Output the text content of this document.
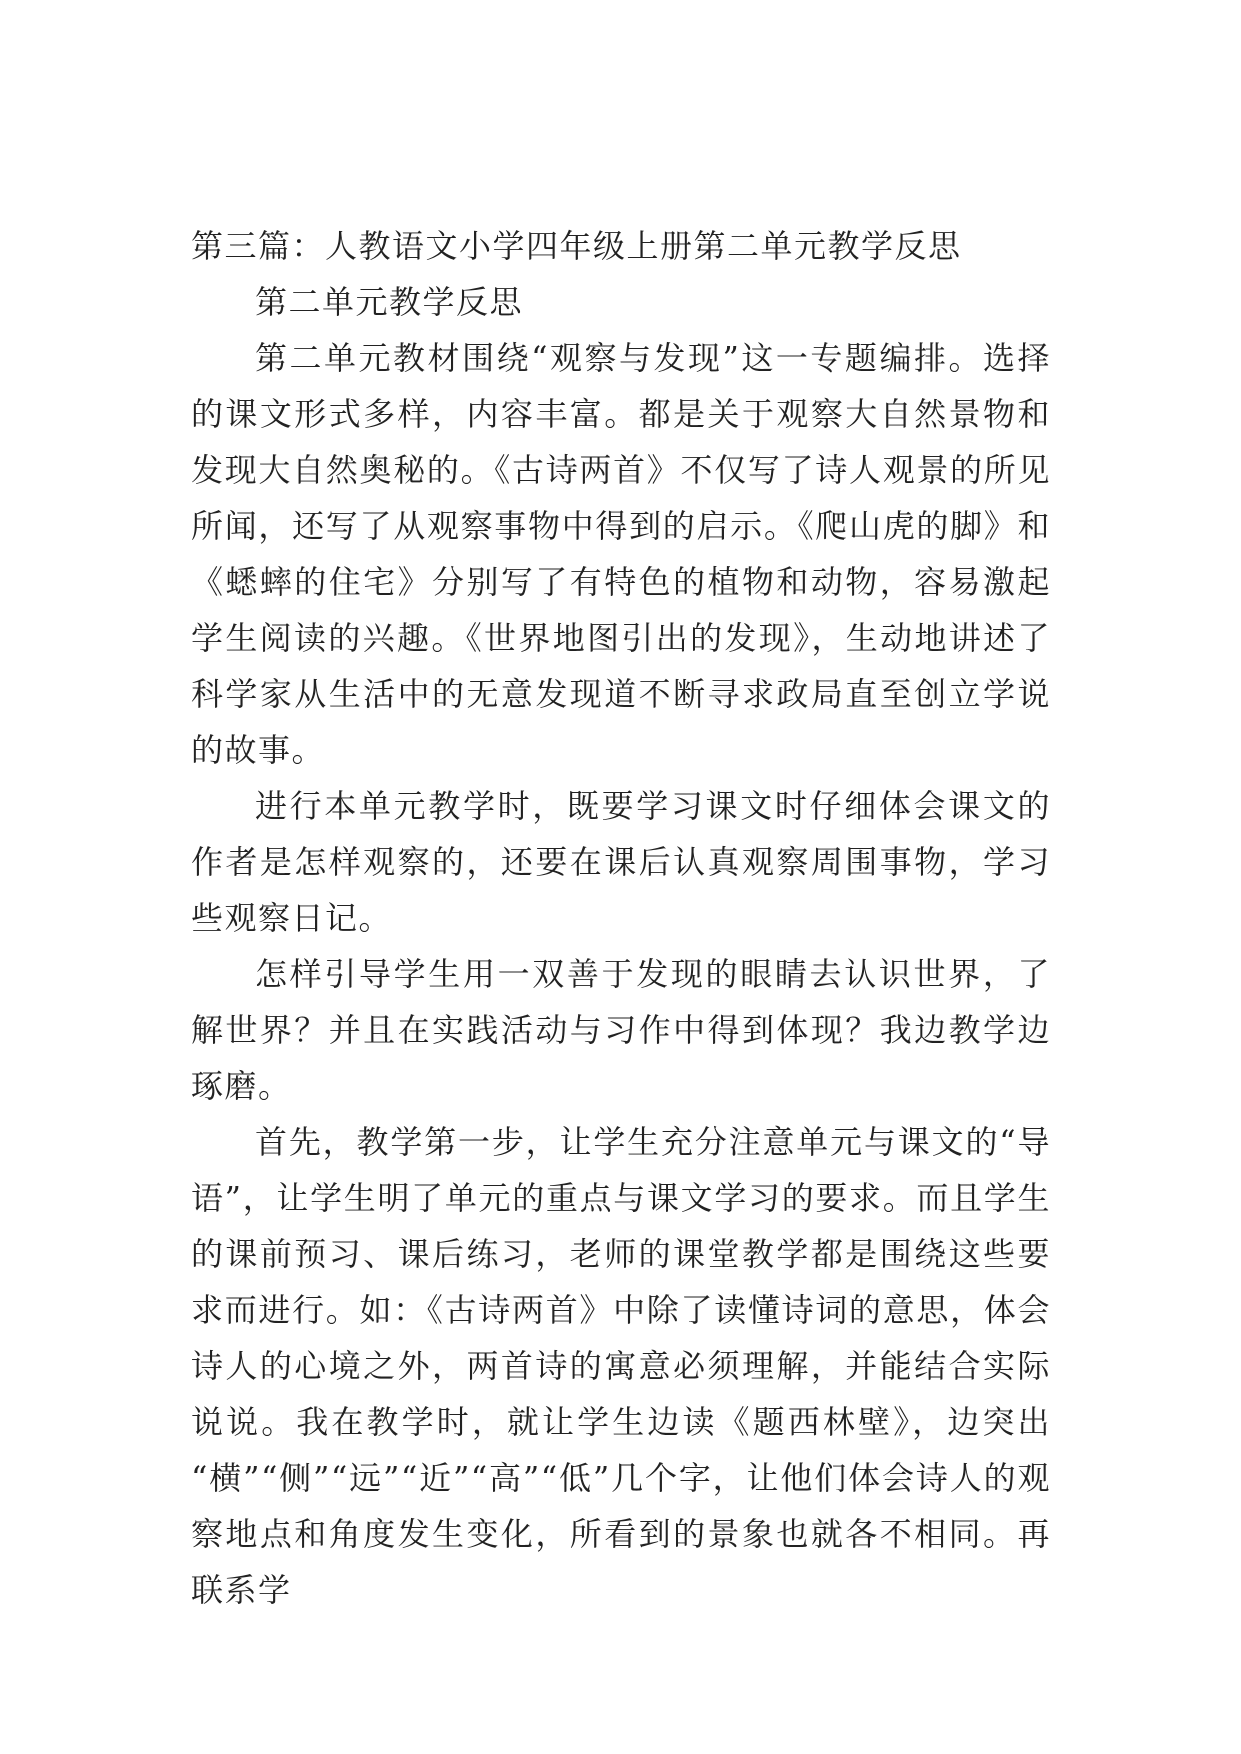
第三篇：人教语文小学四年级上册第二单元教学反思

第二单元教学反思

第二单元教材围绕“观察与发现”这一专题编排。选择的课文形式多样，内容丰富。都是关于观察大自然景物和发现大自然奥秘的。《古诗两首》不仅写了诗人观景的所见所闻，还写了从观察事物中得到的启示。《爬山虎的脚》和《蟋蟀的住宅》分别写了有特色的植物和动物，容易激起学生阅读的兴趣。《世界地图引出的发现》，生动地讲述了科学家从生活中的无意发现道不断寻求政局直至创立学说的故事。

进行本单元教学时，既要学习课文时仔细体会课文的作者是怎样观察的，还要在课后认真观察周围事物，学习些观察日记。

怎样引导学生用一双善于发现的眼睛去认识世界，了解世界？并且在实践活动与习作中得到体现？我边教学边琢磨。

首先，教学第一步，让学生充分注意单元与课文的“导语”，让学生明了单元的重点与课文学习的要求。而且学生的课前预习、课后练习，老师的课堂教学都是围绕这些要求而进行。如：《古诗两首》中除了读懂诗词的意思，体会诗人的心境之外，两首诗的寓意必须理解，并能结合实际说说。我在教学时，就让学生边读《题西林壁》，边突出 “横”“侧”“远”“近”“高”“低”几个字，让他们体会诗人的观察地点和角度发生变化，所看到的景象也就各不相同。再联系学
